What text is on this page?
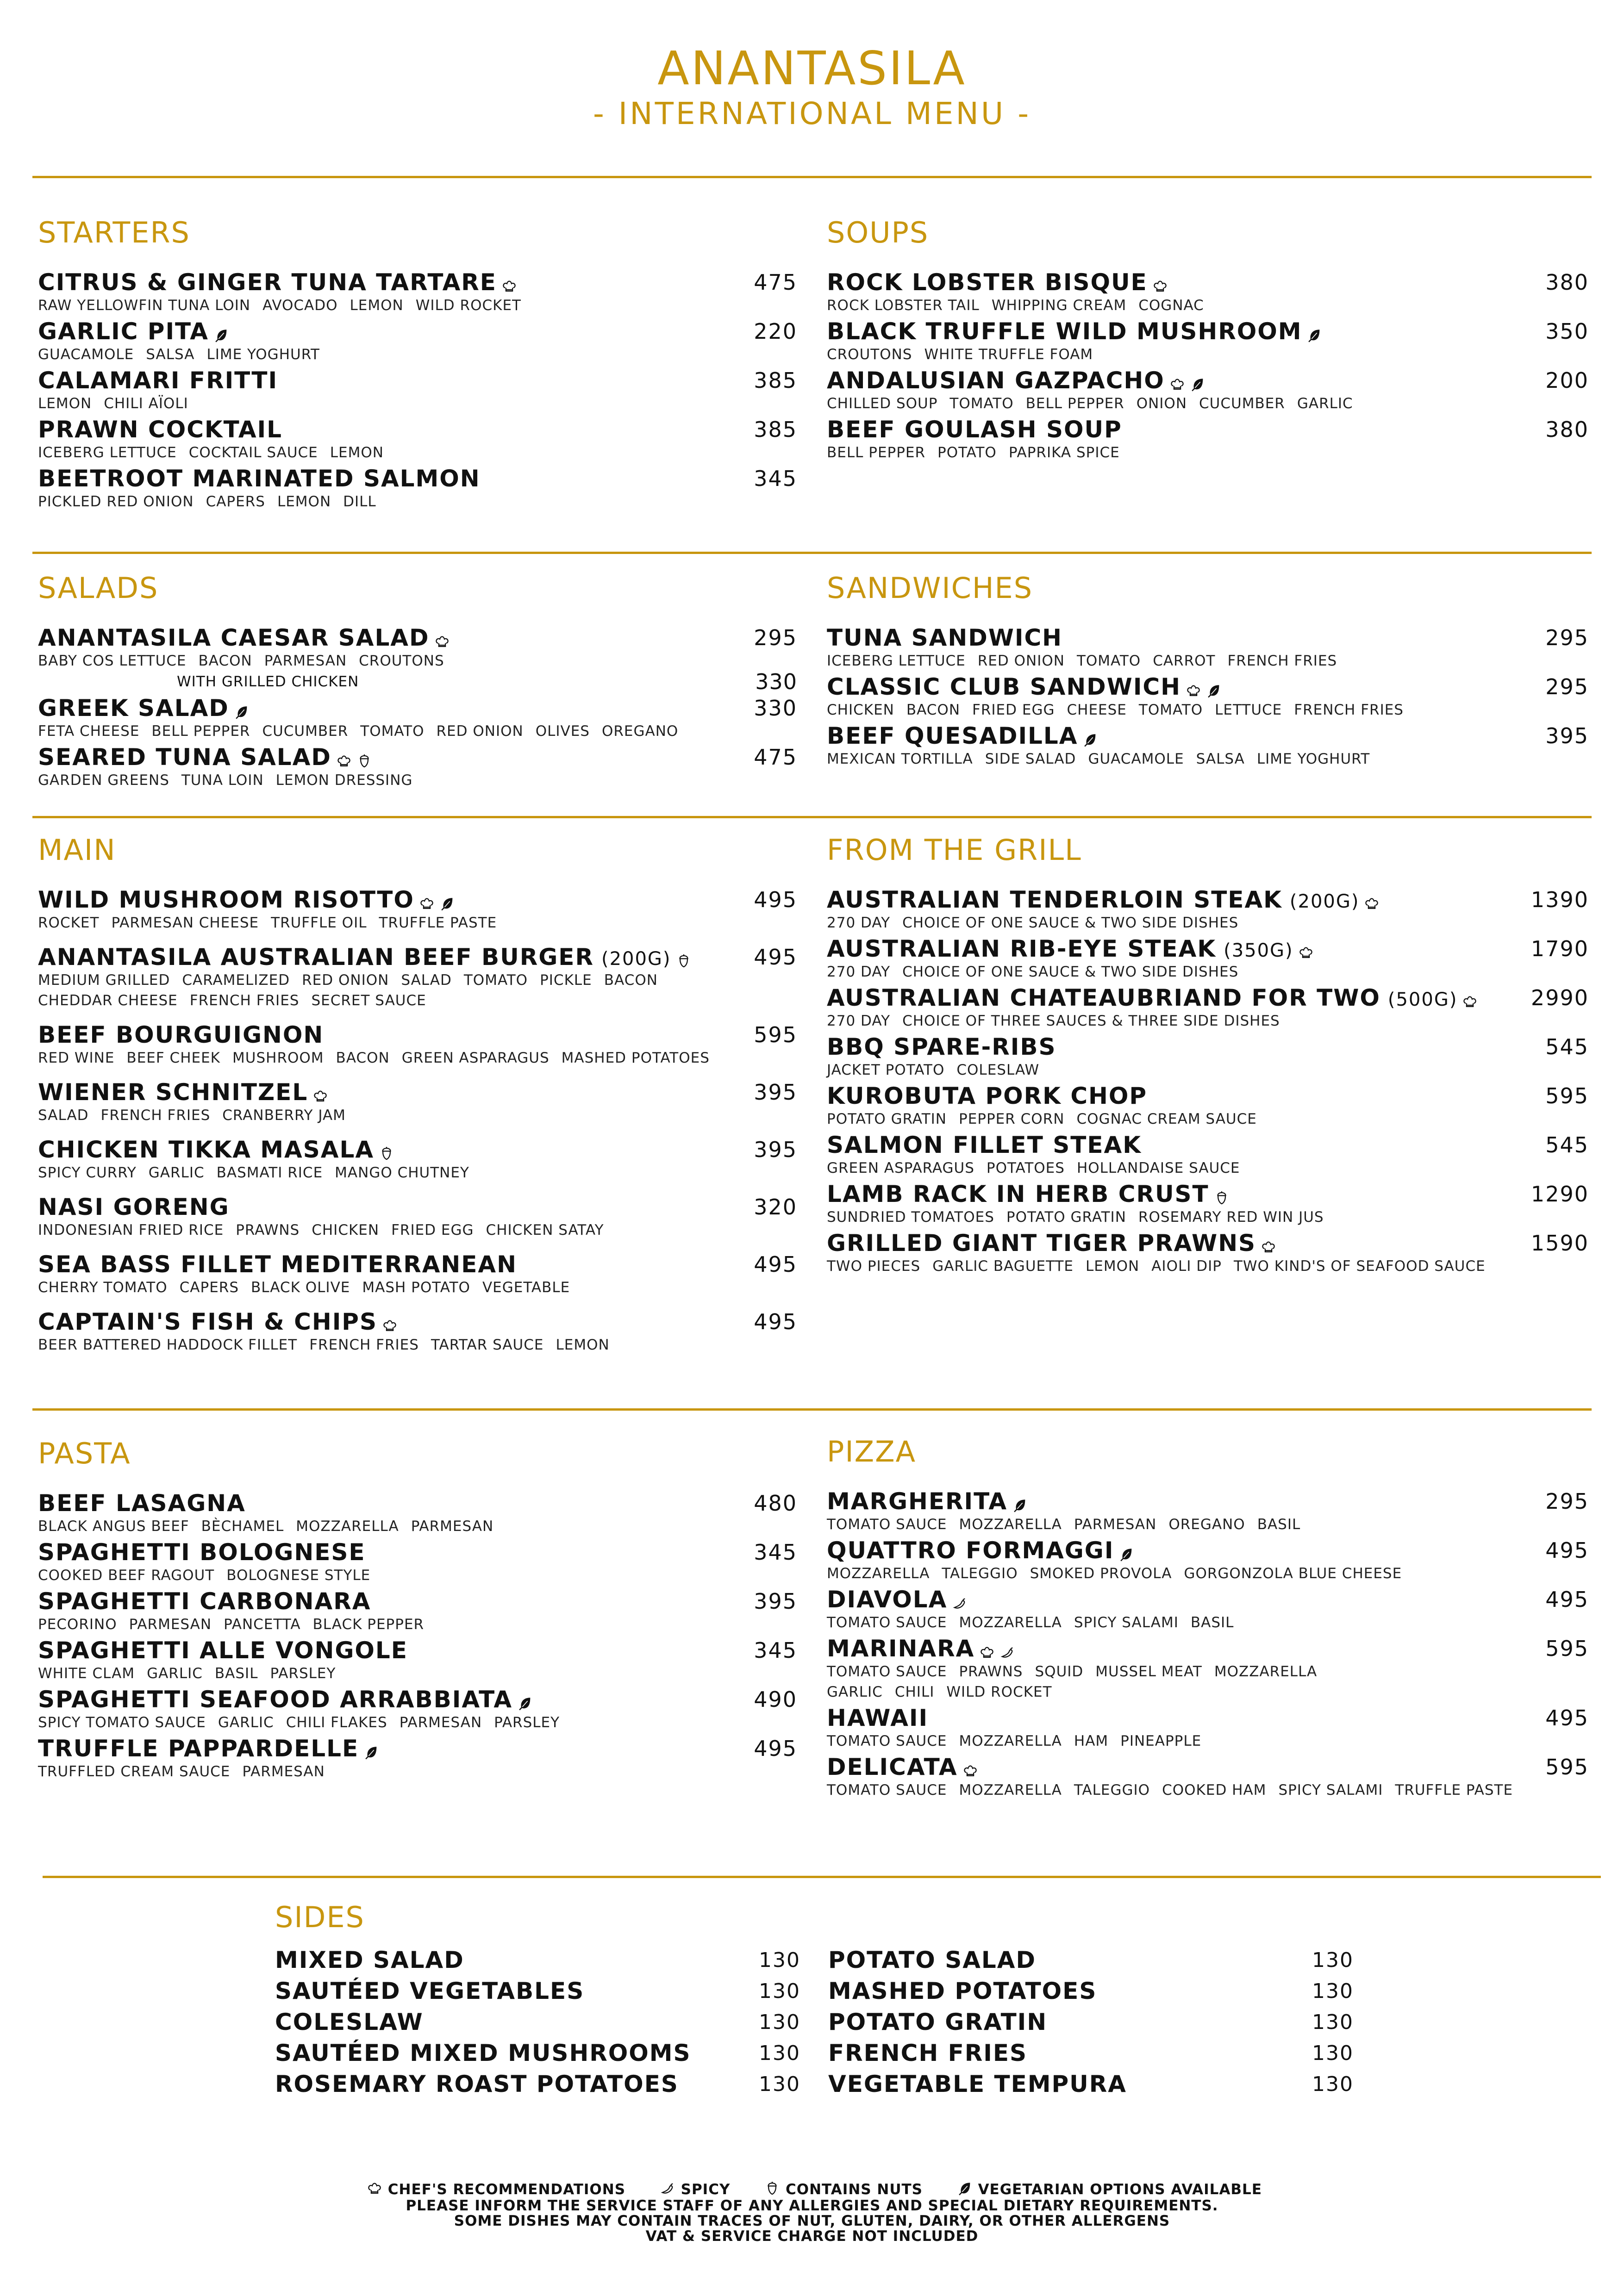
ANANTASILA
- INTERNATIONAL MENU -
STARTERS
CITRUS & GINGER TUNA TARTARE	475
RAW YELLOWFIN TUNA LOIN AVOCADO LEMON WILD ROCKET
GARLIC PITA	220
GUACAMOLE SALSA LIME YOGHURT
CALAMARI FRITTI	385
LEMON CHILI AÏOLI
PRAWN COCKTAIL	385
ICEBERG LETTUCE COCKTAIL SAUCE LEMON
BEETROOT MARINATED SALMON	345
PICKLED RED ONION CAPERS LEMON DILL
SOUPS
ROCK LOBSTER BISQUE	380
ROCK LOBSTER TAIL WHIPPING CREAM COGNAC
BLACK TRUFFLE WILD MUSHROOM	350
CROUTONS WHITE TRUFFLE FOAM
ANDALUSIAN GAZPACHO	200
CHILLED SOUP TOMATO BELL PEPPER ONION CUCUMBER GARLIC
BEEF GOULASH SOUP	380
BELL PEPPER POTATO PAPRIKA SPICE
SALADS
ANANTASILA CAESAR SALAD	295
BABY COS LETTUCE BACON PARMESAN CROUTONS
WITH GRILLED CHICKEN	330
GREEK SALAD	330
FETA CHEESE BELL PEPPER CUCUMBER TOMATO RED ONION OLIVES OREGANO
SEARED TUNA SALAD	475
GARDEN GREENS TUNA LOIN LEMON DRESSING
SANDWICHES
TUNA SANDWICH	295
ICEBERG LETTUCE RED ONION TOMATO CARROT FRENCH FRIES
CLASSIC CLUB SANDWICH	295
CHICKEN BACON FRIED EGG CHEESE TOMATO LETTUCE FRENCH FRIES
BEEF QUESADILLA	395
MEXICAN TORTILLA SIDE SALAD GUACAMOLE SALSA LIME YOGHURT
MAIN
WILD MUSHROOM RISOTTO	495
ROCKET PARMESAN CHEESE TRUFFLE OIL TRUFFLE PASTE
ANANTASILA AUSTRALIAN BEEF BURGER (200G)	495
MEDIUM GRILLED CARAMELIZED RED ONION SALAD TOMATO PICKLE BACON
CHEDDAR CHEESE FRENCH FRIES SECRET SAUCE
BEEF BOURGUIGNON	595
RED WINE BEEF CHEEK MUSHROOM BACON GREEN ASPARAGUS MASHED POTATOES
WIENER SCHNITZEL	395
SALAD FRENCH FRIES CRANBERRY JAM
CHICKEN TIKKA MASALA	395
SPICY CURRY GARLIC BASMATI RICE MANGO CHUTNEY
NASI GORENG	320
INDONESIAN FRIED RICE PRAWNS CHICKEN FRIED EGG CHICKEN SATAY
SEA BASS FILLET MEDITERRANEAN	495
CHERRY TOMATO CAPERS BLACK OLIVE MASH POTATO VEGETABLE
CAPTAIN'S FISH & CHIPS	495
BEER BATTERED HADDOCK FILLET FRENCH FRIES TARTAR SAUCE LEMON
FROM THE GRILL
AUSTRALIAN TENDERLOIN STEAK (200G)	1390
270 DAY CHOICE OF ONE SAUCE & TWO SIDE DISHES
AUSTRALIAN RIB-EYE STEAK (350G)	1790
270 DAY CHOICE OF ONE SAUCE & TWO SIDE DISHES
AUSTRALIAN CHATEAUBRIAND FOR TWO (500G)	2990
270 DAY CHOICE OF THREE SAUCES & THREE SIDE DISHES
BBQ SPARE-RIBS	545
JACKET POTATO COLESLAW
KUROBUTA PORK CHOP	595
POTATO GRATIN PEPPER CORN COGNAC CREAM SAUCE
SALMON FILLET STEAK	545
GREEN ASPARAGUS POTATOES HOLLANDAISE SAUCE
LAMB RACK IN HERB CRUST	1290
SUNDRIED TOMATOES POTATO GRATIN ROSEMARY RED WIN JUS
GRILLED GIANT TIGER PRAWNS	1590
TWO PIECES GARLIC BAGUETTE LEMON AIOLI DIP TWO KIND'S OF SEAFOOD SAUCE
PASTA
BEEF LASAGNA	480
BLACK ANGUS BEEF BÈCHAMEL MOZZARELLA PARMESAN
SPAGHETTI BOLOGNESE	345
COOKED BEEF RAGOUT BOLOGNESE STYLE
SPAGHETTI CARBONARA	395
PECORINO PARMESAN PANCETTA BLACK PEPPER
SPAGHETTI ALLE VONGOLE	345
WHITE CLAM GARLIC BASIL PARSLEY
SPAGHETTI SEAFOOD ARRABBIATA	490
SPICY TOMATO SAUCE GARLIC CHILI FLAKES PARMESAN PARSLEY
TRUFFLE PAPPARDELLE	495
TRUFFLED CREAM SAUCE PARMESAN
PIZZA
MARGHERITA	295
TOMATO SAUCE MOZZARELLA PARMESAN OREGANO BASIL
QUATTRO FORMAGGI	495
MOZZARELLA TALEGGIO SMOKED PROVOLA GORGONZOLA BLUE CHEESE
DIAVOLA	495
TOMATO SAUCE MOZZARELLA SPICY SALAMI BASIL
MARINARA	595
TOMATO SAUCE PRAWNS SQUID MUSSEL MEAT MOZZARELLA
GARLIC CHILI WILD ROCKET
HAWAII	495
TOMATO SAUCE MOZZARELLA HAM PINEAPPLE
DELICATA	595
TOMATO SAUCE MOZZARELLA TALEGGIO COOKED HAM SPICY SALAMI TRUFFLE PASTE
SIDES
MIXED SALAD	130
SAUTÉED VEGETABLES	130
COLESLAW	130
SAUTÉED MIXED MUSHROOMS	130
ROSEMARY ROAST POTATOES	130
POTATO SALAD	130
MASHED POTATOES	130
POTATO GRATIN	130
FRENCH FRIES	130
VEGETABLE TEMPURA	130
CHEF'S RECOMMENDATIONS	SPICY	CONTAINS NUTS	VEGETARIAN OPTIONS AVAILABLE
PLEASE INFORM THE SERVICE STAFF OF ANY ALLERGIES AND SPECIAL DIETARY REQUIREMENTS.
SOME DISHES MAY CONTAIN TRACES OF NUT, GLUTEN, DAIRY, OR OTHER ALLERGENS
VAT & SERVICE CHARGE NOT INCLUDED
